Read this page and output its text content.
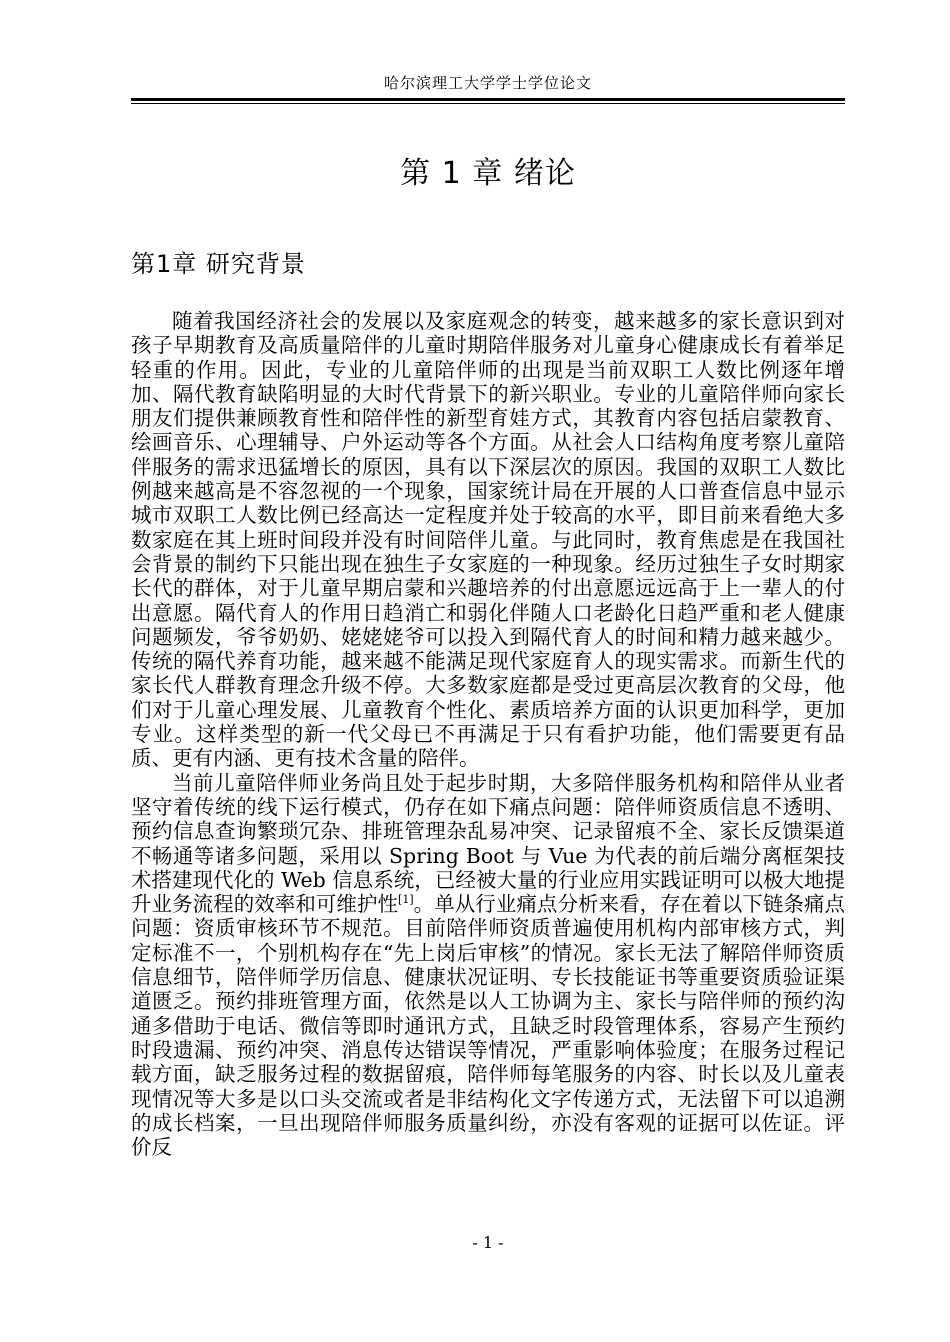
哈尔滨理工大学学士学位论文
第 1 章 绪论
第1章 研究背景

随着我国经济社会的发展以及家庭观念的转变，越来越多的家长意识到对孩子早期教育及高质量陪伴的儿童时期陪伴服务对儿童身心健康成长有着举足轻重的作用。因此，专业的儿童陪伴师的出现是当前双职工人数比例逐年增加、隔代教育缺陷明显的大时代背景下的新兴职业。专业的儿童陪伴师向家长朋友们提供兼顾教育性和陪伴性的新型育娃方式，其教育内容包括启蒙教育、绘画音乐、心理辅导、户外运动等各个方面。从社会人口结构角度考察儿童陪伴服务的需求迅猛增长的原因，具有以下深层次的原因。我国的双职工人数比例越来越高是不容忽视的一个现象，国家统计局在开展的人口普查信息中显示城市双职工人数比例已经高达一定程度并处于较高的水平，即目前来看绝大多数家庭在其上班时间段并没有时间陪伴儿童。与此同时，教育焦虑是在我国社会背景的制约下只能出现在独生子女家庭的一种现象。经历过独生子女时期家长代的群体，对于儿童早期启蒙和兴趣培养的付出意愿远远高于上一辈人的付出意愿。隔代育人的作用日趋消亡和弱化伴随人口老龄化日趋严重和老人健康问题频发，爷爷奶奶、姥姥姥爷可以投入到隔代育人的时间和精力越来越少。传统的隔代养育功能，越来越不能满足现代家庭育人的现实需求。而新生代的家长代人群教育理念升级不停。大多数家庭都是受过更高层次教育的父母，他们对于儿童心理发展、儿童教育个性化、素质培养方面的认识更加科学，更加专业。这样类型的新一代父母已不再满足于只有看护功能，他们需要更有品质、更有内涵、更有技术含量的陪伴。

当前儿童陪伴师业务尚且处于起步时期，大多陪伴服务机构和陪伴从业者坚守着传统的线下运行模式，仍存在如下痛点问题：陪伴师资质信息不透明、预约信息查询繁琐冗杂、排班管理杂乱易冲突、记录留痕不全、家长反馈渠道不畅通等诸多问题，采用以 Spring Boot 与 Vue 为代表的前后端分离框架技术搭建现代化的 Web 信息系统，已经被大量的行业应用实践证明可以极大地提升业务流程的效率和可维护性[1]。单从行业痛点分析来看，存在着以下链条痛点问题：资质审核环节不规范。目前陪伴师资质普遍使用机构内部审核方式，判定标准不一，个别机构存在“先上岗后审核”的情况。家长无法了解陪伴师资质信息细节，陪伴师学历信息、健康状况证明、专长技能证书等重要资质验证渠道匮乏。预约排班管理方面，依然是以人工协调为主、家长与陪伴师的预约沟通多借助于电话、微信等即时通讯方式，且缺乏时段管理体系，容易产生预约时段遗漏、预约冲突、消息传达错误等情况，严重影响体验度；在服务过程记载方面，缺乏服务过程的数据留痕，陪伴师每笔服务的内容、时长以及儿童表现情况等大多是以口头交流或者是非结构化文字传递方式，无法留下可以追溯的成长档案，一旦出现陪伴师服务质量纠纷，亦没有客观的证据可以佐证。评价反

- 1 -
